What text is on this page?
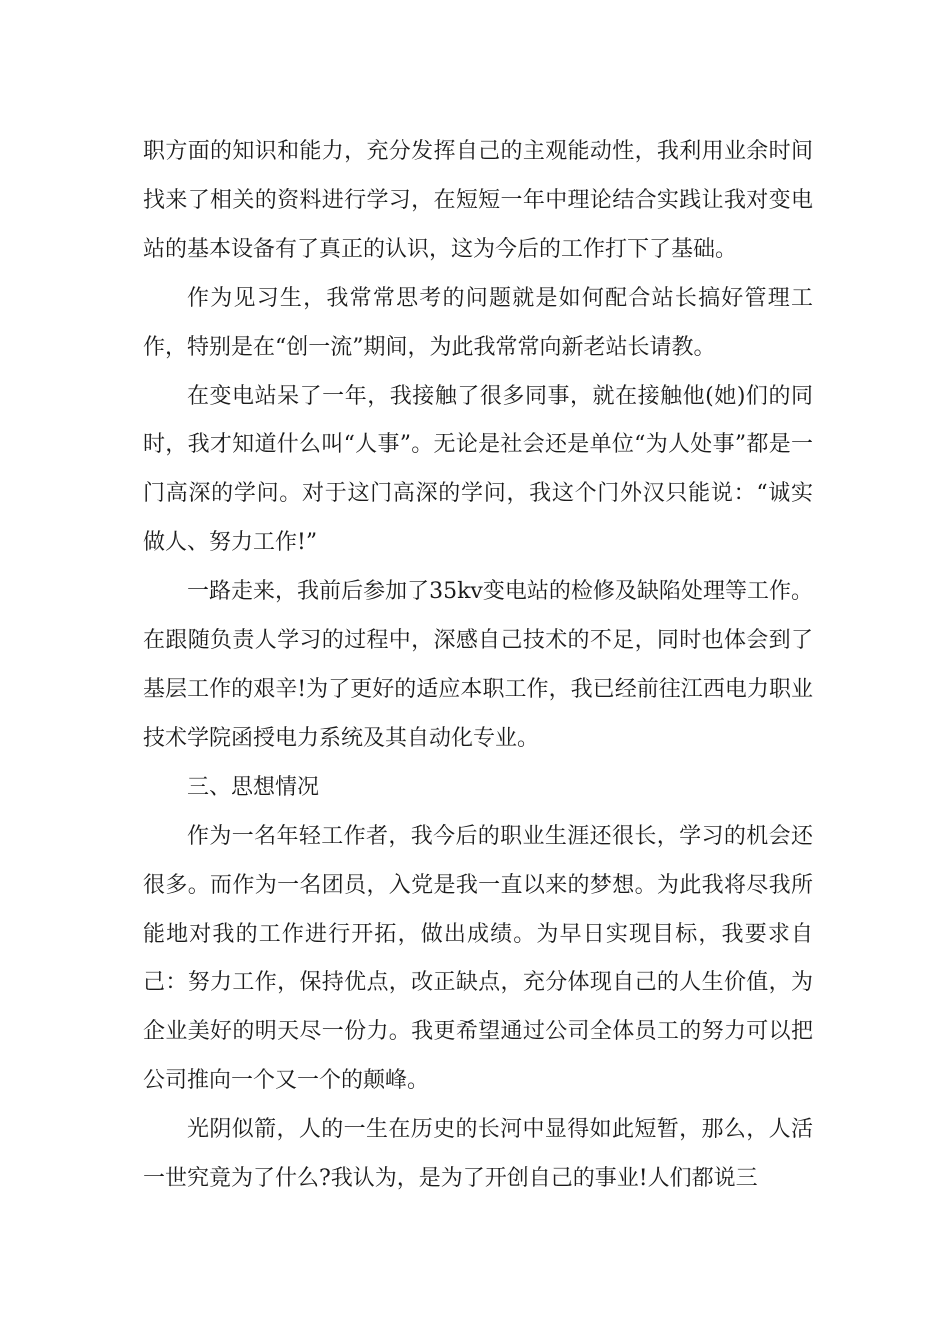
职方面的知识和能力，充分发挥自己的主观能动性，我利用业余时间找来了相关的资料进行学习，在短短一年中理论结合实践让我对变电站的基本设备有了真正的认识，这为今后的工作打下了基础。

作为见习生，我常常思考的问题就是如何配合站长搞好管理工作，特别是在“创一流”期间，为此我常常向新老站长请教。

在变电站呆了一年，我接触了很多同事，就在接触他(她)们的同时，我才知道什么叫“人事”。无论是社会还是单位“为人处事”都是一门高深的学问。对于这门高深的学问，我这个门外汉只能说：“诚实做人、努力工作!”

一路走来，我前后参加了35kv变电站的检修及缺陷处理等工作。在跟随负责人学习的过程中，深感自己技术的不足，同时也体会到了基层工作的艰辛!为了更好的适应本职工作，我已经前往江西电力职业技术学院函授电力系统及其自动化专业。

三、思想情况

作为一名年轻工作者，我今后的职业生涯还很长，学习的机会还很多。而作为一名团员，入党是我一直以来的梦想。为此我将尽我所能地对我的工作进行开拓，做出成绩。为早日实现目标，我要求自己：努力工作，保持优点，改正缺点，充分体现自己的人生价值，为企业美好的明天尽一份力。我更希望通过公司全体员工的努力可以把公司推向一个又一个的颠峰。

光阴似箭，人的一生在历史的长河中显得如此短暂，那么，人活一世究竟为了什么?我认为，是为了开创自己的事业!人们都说三
